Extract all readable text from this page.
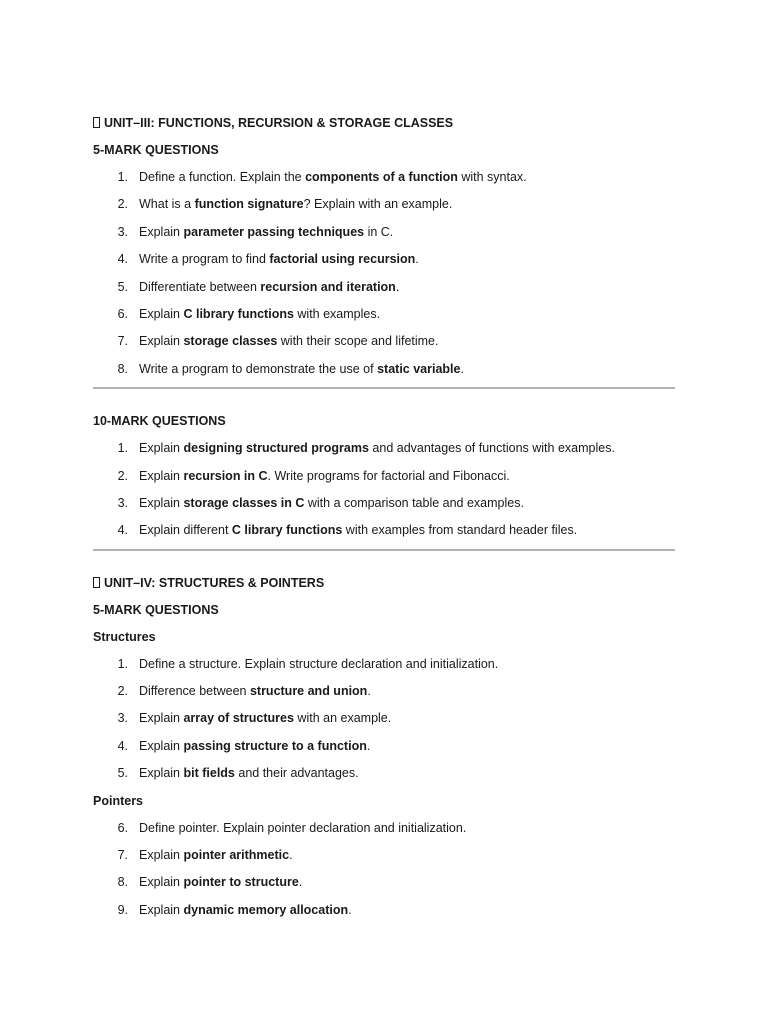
UNIT–III: FUNCTIONS, RECURSION & STORAGE CLASSES
5-MARK QUESTIONS
1. Define a function. Explain the components of a function with syntax.
2. What is a function signature? Explain with an example.
3. Explain parameter passing techniques in C.
4. Write a program to find factorial using recursion.
5. Differentiate between recursion and iteration.
6. Explain C library functions with examples.
7. Explain storage classes with their scope and lifetime.
8. Write a program to demonstrate the use of static variable.
10-MARK QUESTIONS
1. Explain designing structured programs and advantages of functions with examples.
2. Explain recursion in C. Write programs for factorial and Fibonacci.
3. Explain storage classes in C with a comparison table and examples.
4. Explain different C library functions with examples from standard header files.
UNIT–IV: STRUCTURES & POINTERS
5-MARK QUESTIONS
Structures
1. Define a structure. Explain structure declaration and initialization.
2. Difference between structure and union.
3. Explain array of structures with an example.
4. Explain passing structure to a function.
5. Explain bit fields and their advantages.
Pointers
6. Define pointer. Explain pointer declaration and initialization.
7. Explain pointer arithmetic.
8. Explain pointer to structure.
9. Explain dynamic memory allocation.
